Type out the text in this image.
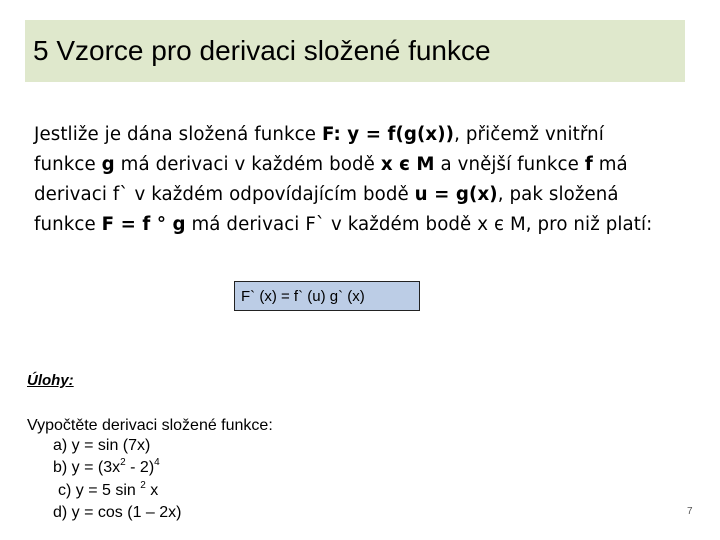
5 Vzorce pro derivaci složené funkce
Jestliže je dána složená funkce F: y = f(g(x)), přičemž vnitřní
funkce g má derivaci v každém bodě x є M a vnější funkce f má
derivaci f` v každém odpovídajícím bodě u = g(x), pak složená
funkce F = f ° g má derivaci F` v každém bodě x є M, pro niž platí:
F` (x) = f` (u) g` (x)
Úlohy:
Vypočtěte derivaci složené funkce:
a) y = sin (7x)
b) $y = (3x^2 - 2)^4$
c) y = 5 sin $^2$ x
d) y = cos (1 – 2x)	7
